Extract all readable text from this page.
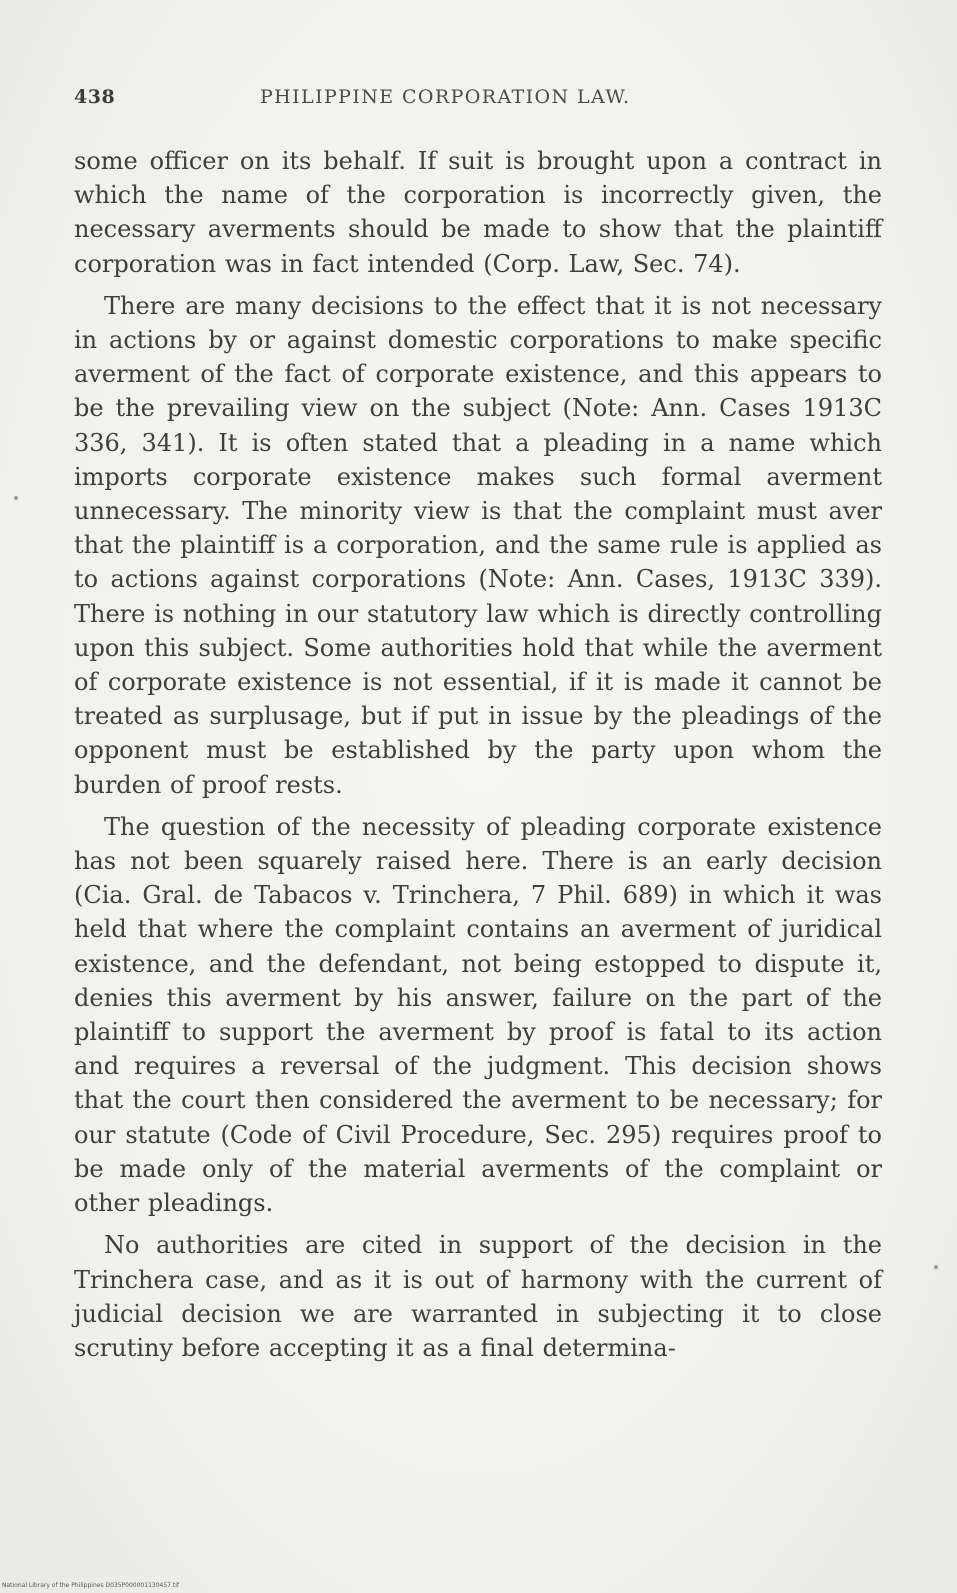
438	PHILIPPINE CORPORATION LAW.

some officer on its behalf. If suit is brought upon a contract in which the name of the corporation is incorrectly given, the necessary averments should be made to show that the plaintiff corporation was in fact intended (Corp. Law, Sec. 74).

There are many decisions to the effect that it is not necessary in actions by or against domestic corporations to make specific averment of the fact of corporate existence, and this appears to be the prevailing view on the subject (Note: Ann. Cases 1913C 336, 341). It is often stated that a pleading in a name which imports corporate existence makes such formal averment unnecessary. The minority view is that the complaint must aver that the plaintiff is a corporation, and the same rule is applied as to actions against corporations (Note: Ann. Cases, 1913C 339). There is nothing in our statutory law which is directly controlling upon this subject. Some authorities hold that while the averment of corporate existence is not essential, if it is made it cannot be treated as surplusage, but if put in issue by the pleadings of the opponent must be established by the party upon whom the burden of proof rests.

The question of the necessity of pleading corporate existence has not been squarely raised here. There is an early decision (Cia. Gral. de Tabacos v. Trinchera, 7 Phil. 689) in which it was held that where the complaint contains an averment of juridical existence, and the defendant, not being estopped to dispute it, denies this averment by his answer, failure on the part of the plaintiff to support the averment by proof is fatal to its action and requires a reversal of the judgment. This decision shows that the court then considered the averment to be necessary; for our statute (Code of Civil Procedure, Sec. 295) requires proof to be made only of the material averments of the complaint or other pleadings.

No authorities are cited in support of the decision in the Trinchera case, and as it is out of harmony with the current of judicial decision we are warranted in subjecting it to close scrutiny before accepting it as a final determina-

National Library of the Philippines D035P000001130457.tif
